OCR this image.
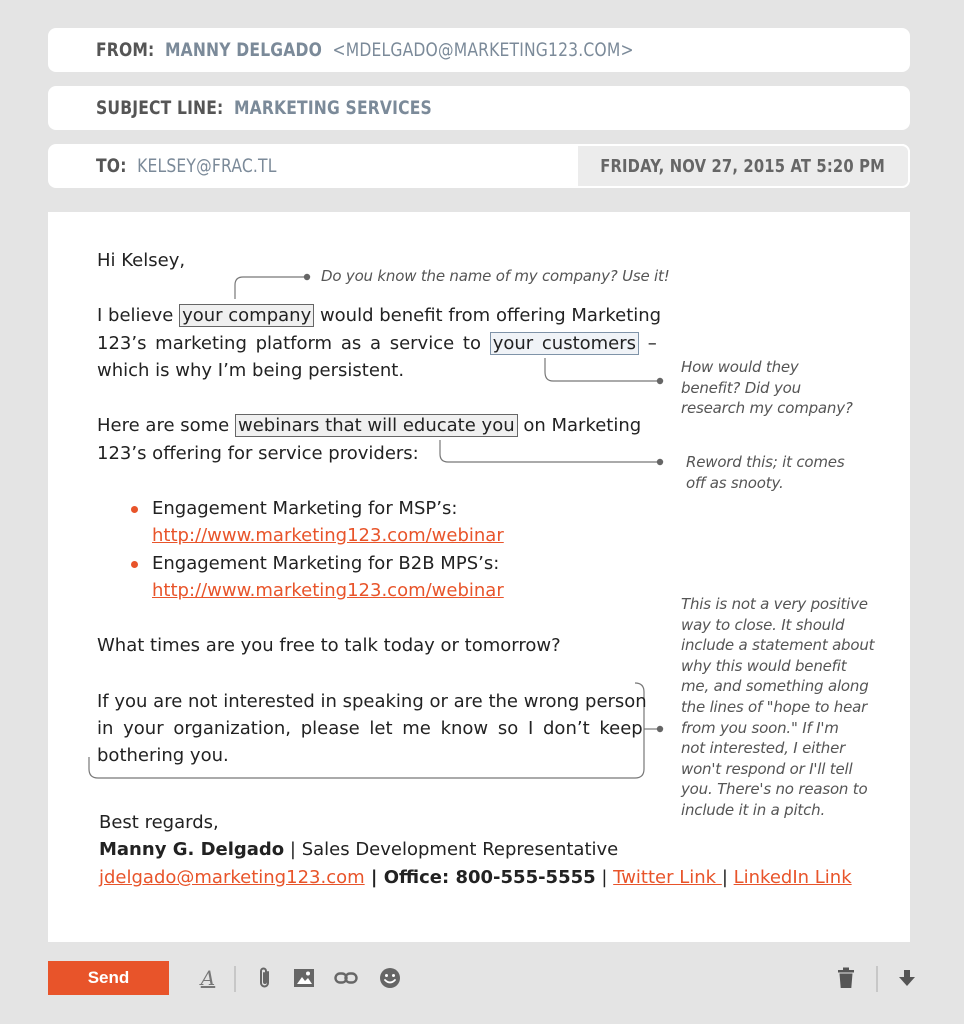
FROM: MANNY DELGADO <MDELGADO@MARKETING123.COM>
SUBJECT LINE: MARKETING SERVICES
TO: KELSEY@FRAC.TL	FRIDAY, NOV 27, 2015 AT 5:20 PM
Hi Kelsey,
I believe your company would benefit from offering Marketing
123’s marketing platform as a service to your customers –
which is why I’m being persistent.
Here are some webinars that will educate you on Marketing
123’s offering for service providers:
Engagement Marketing for MSP’s:
http://www.marketing123.com/webinar
Engagement Marketing for B2B MPS’s:
http://www.marketing123.com/webinar
What times are you free to talk today or tomorrow?
If you are not interested in speaking or are the wrong person
in your organization, please let me know so I don’t keep
bothering you.
Best regards,
Manny G. Delgado | Sales Development Representative
jdelgado@marketing123.com | Office: 800-555-5555 | Twitter Link | LinkedIn Link
Do you know the name of my company? Use it!
How would they
benefit? Did you
research my company?
Reword this; it comes
off as snooty.
This is not a very positive
way to close. It should
include a statement about
why this would benefit
me, and something along
the lines of "hope to hear
from you soon." If I'm
not interested, I either
won't respond or I'll tell
you. There's no reason to
include it in a pitch.
Send	A
